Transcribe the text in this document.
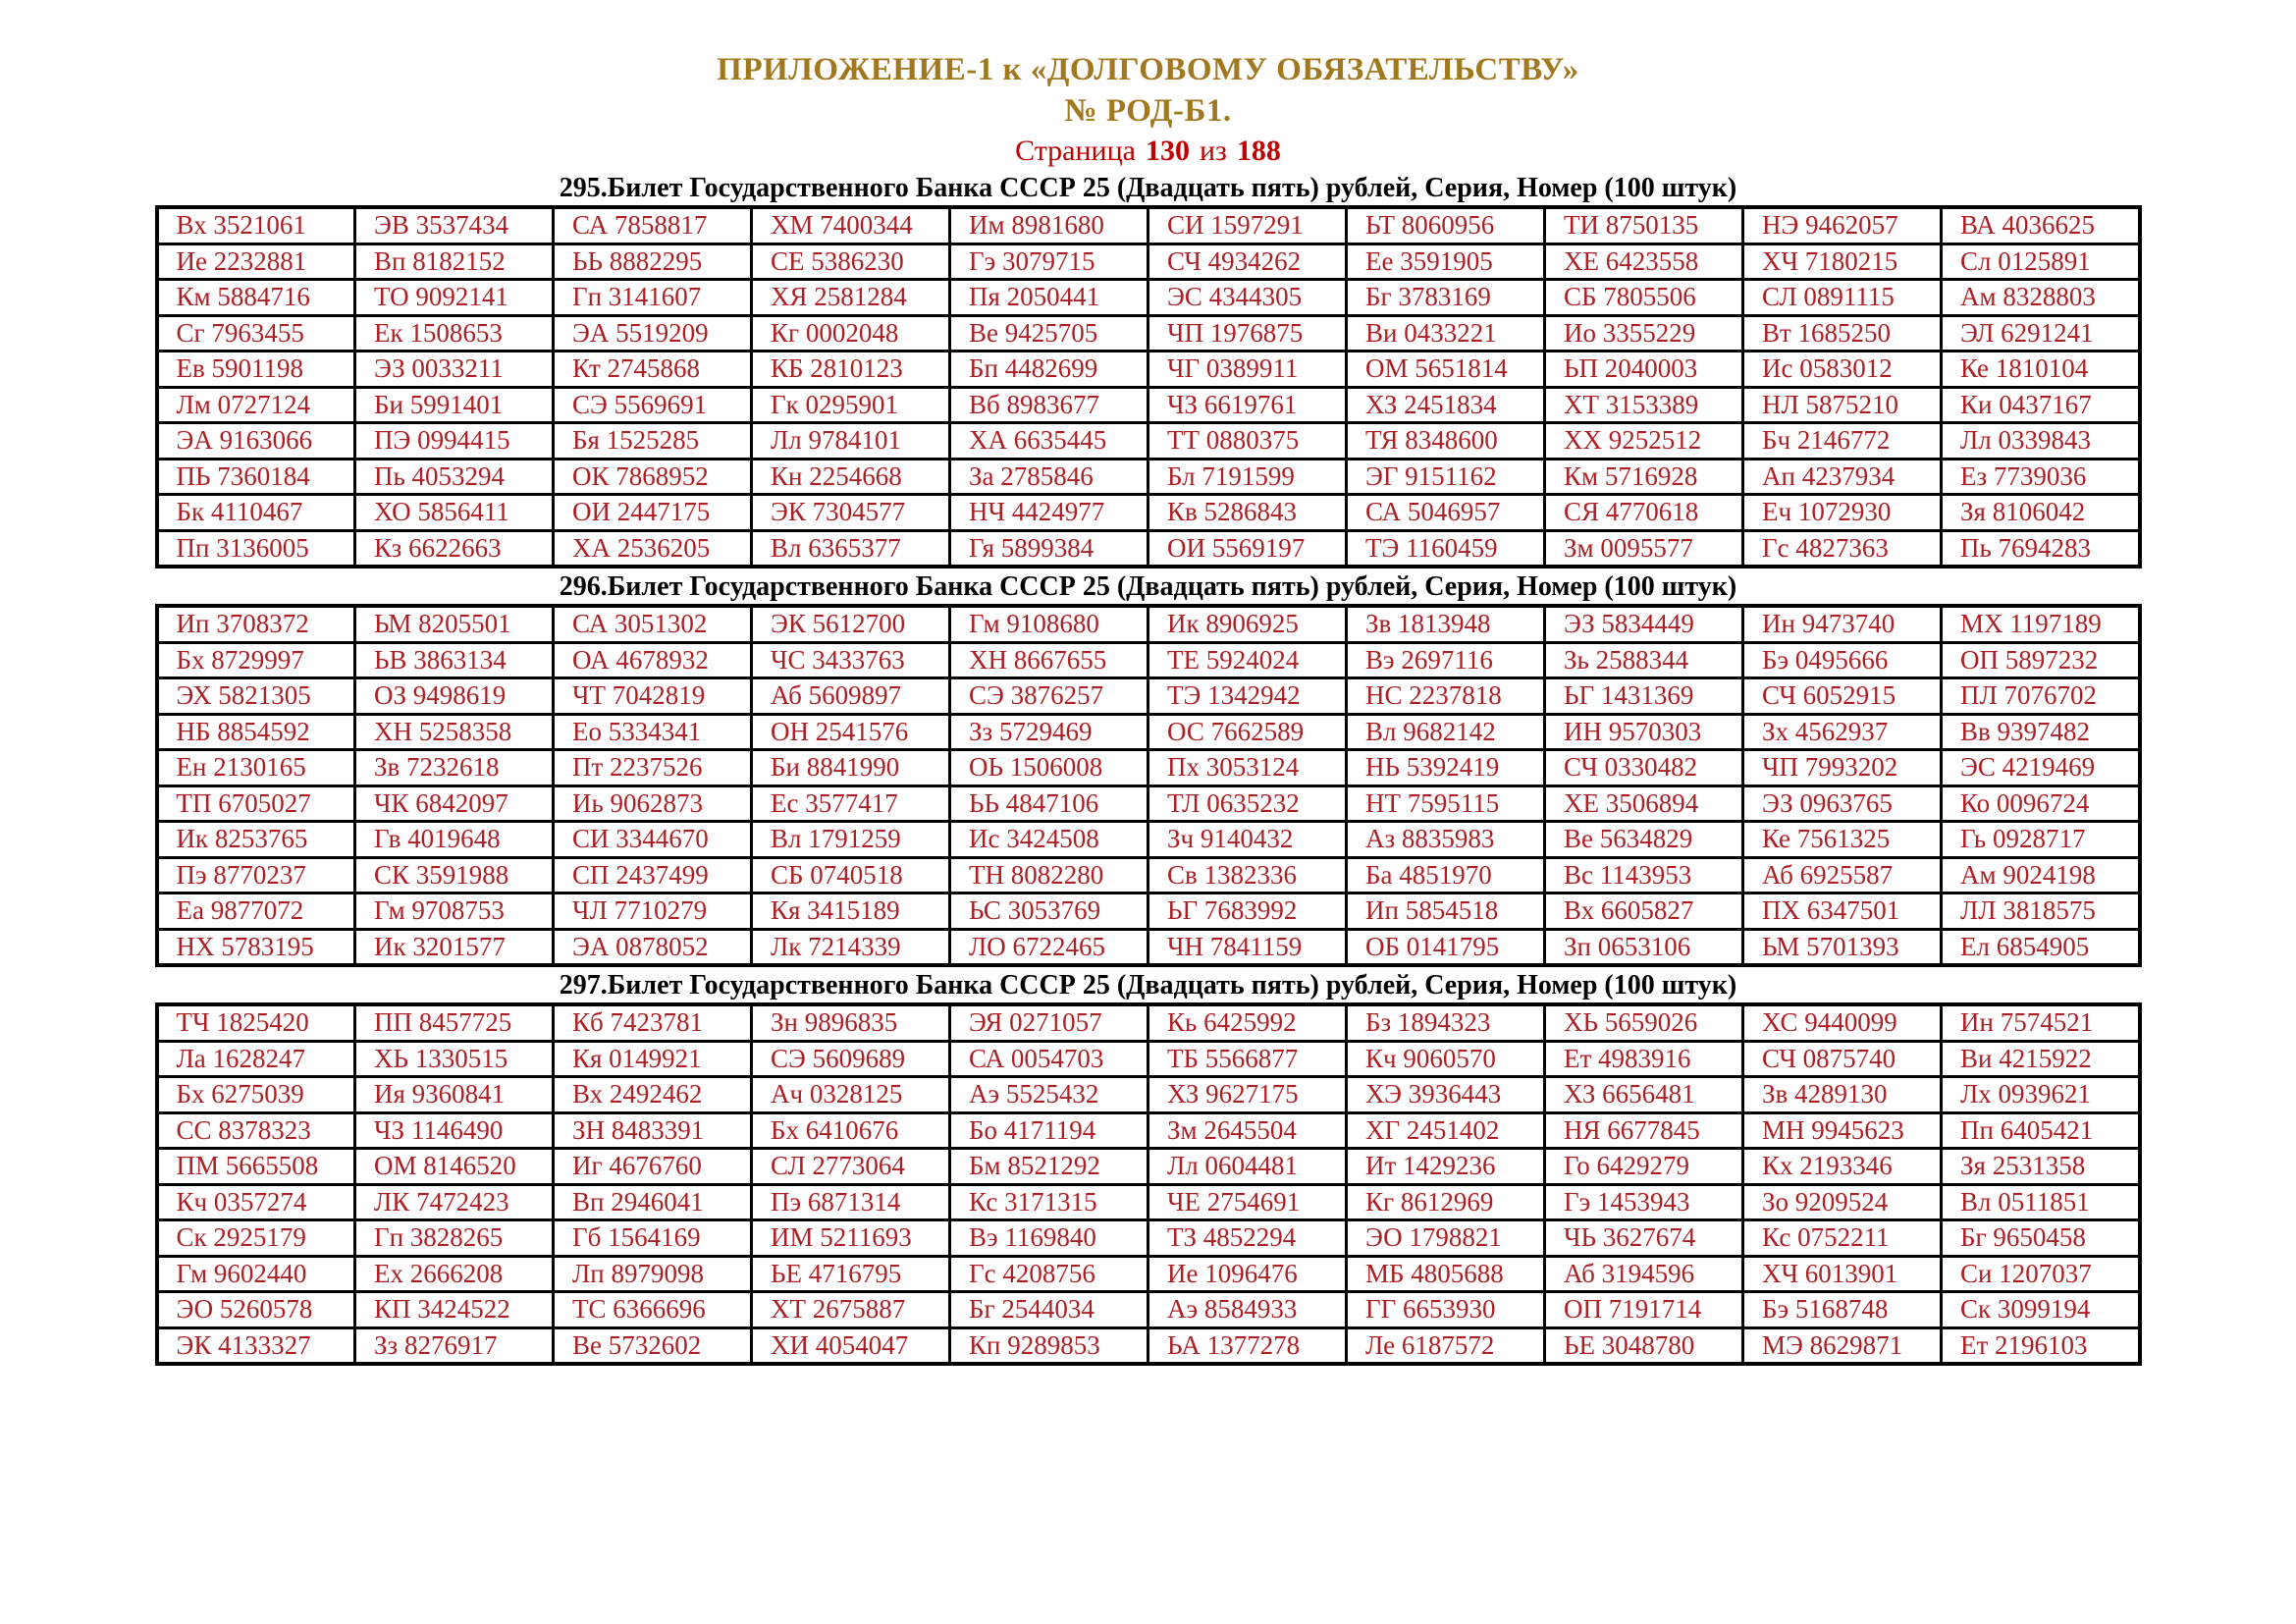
ПРИЛОЖЕНИЕ-1 к «ДОЛГОВОМУ ОБЯЗАТЕЛЬСТВУ»
№ РОД-Б1.
Страница 130 из 188
295.Билет Государственного Банка СССР 25 (Двадцать пять) рублей, Серия, Номер (100 штук)
Вх 3521061	ЭВ 3537434	СА 7858817	ХМ 7400344	Им 8981680	СИ 1597291	ЬТ 8060956	ТИ 8750135	НЭ 9462057	ВА 4036625
Ие 2232881	Вп 8182152	ЬЬ 8882295	СЕ 5386230	Гэ 3079715	СЧ 4934262	Ее 3591905	ХЕ 6423558	ХЧ 7180215	Сл 0125891
Км 5884716	ТО 9092141	Гп 3141607	ХЯ 2581284	Пя 2050441	ЭС 4344305	Бг 3783169	СБ 7805506	СЛ 0891115	Ам 8328803
Сг 7963455	Ек 1508653	ЭА 5519209	Кг 0002048	Ве 9425705	ЧП 1976875	Ви 0433221	Ио 3355229	Вт 1685250	ЭЛ 6291241
Ев 5901198	ЭЗ 0033211	Кт 2745868	КБ 2810123	Бп 4482699	ЧГ 0389911	ОМ 5651814	ЬП 2040003	Ис 0583012	Ке 1810104
Лм 0727124	Би 5991401	СЭ 5569691	Гк 0295901	Вб 8983677	ЧЗ 6619761	ХЗ 2451834	ХТ 3153389	НЛ 5875210	Ки 0437167
ЭА 9163066	ПЭ 0994415	Бя 1525285	Лл 9784101	ХА 6635445	ТТ 0880375	ТЯ 8348600	ХХ 9252512	Бч 2146772	Лл 0339843
ПЬ 7360184	Пь 4053294	ОК 7868952	Кн 2254668	За 2785846	Бл 7191599	ЭГ 9151162	Км 5716928	Ап 4237934	Ез 7739036
Бк 4110467	ХО 5856411	ОИ 2447175	ЭК 7304577	НЧ 4424977	Кв 5286843	СА 5046957	СЯ 4770618	Еч 1072930	Зя 8106042
Пп 3136005	Кз 6622663	ХА 2536205	Вл 6365377	Гя 5899384	ОИ 5569197	ТЭ 1160459	Зм 0095577	Гс 4827363	Пь 7694283
296.Билет Государственного Банка СССР 25 (Двадцать пять) рублей, Серия, Номер (100 штук)
Ип 3708372	ЬМ 8205501	СА 3051302	ЭК 5612700	Гм 9108680	Ик 8906925	Зв 1813948	ЭЗ 5834449	Ин 9473740	МХ 1197189
Бх 8729997	ЬВ 3863134	ОА 4678932	ЧС 3433763	ХН 8667655	ТЕ 5924024	Вэ 2697116	Зь 2588344	Бэ 0495666	ОП 5897232
ЭХ 5821305	ОЗ 9498619	ЧТ 7042819	Аб 5609897	СЭ 3876257	ТЭ 1342942	НС 2237818	ЬГ 1431369	СЧ 6052915	ПЛ 7076702
НБ 8854592	ХН 5258358	Ео 5334341	ОН 2541576	Зз 5729469	ОС 7662589	Вл 9682142	ИН 9570303	Зх 4562937	Вв 9397482
Ен 2130165	Зв 7232618	Пт 2237526	Би 8841990	ОЬ 1506008	Пх 3053124	НЬ 5392419	СЧ 0330482	ЧП 7993202	ЭС 4219469
ТП 6705027	ЧК 6842097	Иь 9062873	Ес 3577417	ЬЬ 4847106	ТЛ 0635232	НТ 7595115	ХЕ 3506894	ЭЗ 0963765	Ко 0096724
Ик 8253765	Гв 4019648	СИ 3344670	Вл 1791259	Ис 3424508	Зч 9140432	Аз 8835983	Ве 5634829	Ке 7561325	Гь 0928717
Пэ 8770237	СК 3591988	СП 2437499	СБ 0740518	ТН 8082280	Св 1382336	Ба 4851970	Вс 1143953	Аб 6925587	Ам 9024198
Еа 9877072	Гм 9708753	ЧЛ 7710279	Кя 3415189	ЬС 3053769	ЬГ 7683992	Ип 5854518	Вх 6605827	ПХ 6347501	ЛЛ 3818575
НХ 5783195	Ик 3201577	ЭА 0878052	Лк 7214339	ЛО 6722465	ЧН 7841159	ОБ 0141795	Зп 0653106	ЬМ 5701393	Ел 6854905
297.Билет Государственного Банка СССР 25 (Двадцать пять) рублей, Серия, Номер (100 штук)
ТЧ 1825420	ПП 8457725	Кб 7423781	Зн 9896835	ЭЯ 0271057	Кь 6425992	Бз 1894323	ХЬ 5659026	ХС 9440099	Ин 7574521
Ла 1628247	ХЬ 1330515	Кя 0149921	СЭ 5609689	СА 0054703	ТБ 5566877	Кч 9060570	Ет 4983916	СЧ 0875740	Ви 4215922
Бх 6275039	Ия 9360841	Вх 2492462	Ач 0328125	Аэ 5525432	ХЗ 9627175	ХЭ 3936443	ХЗ 6656481	Зв 4289130	Лх 0939621
СС 8378323	ЧЗ 1146490	ЗН 8483391	Бх 6410676	Бо 4171194	Зм 2645504	ХГ 2451402	НЯ 6677845	МН 9945623	Пп 6405421
ПМ 5665508	ОМ 8146520	Иг 4676760	СЛ 2773064	Бм 8521292	Лл 0604481	Ит 1429236	Го 6429279	Кх 2193346	Зя 2531358
Кч 0357274	ЛК 7472423	Вп 2946041	Пэ 6871314	Кс 3171315	ЧЕ 2754691	Кг 8612969	Гэ 1453943	Зо 9209524	Вл 0511851
Ск 2925179	Гп 3828265	Гб 1564169	ИМ 5211693	Вэ 1169840	ТЗ 4852294	ЭО 1798821	ЧЬ 3627674	Кс 0752211	Бг 9650458
Гм 9602440	Ех 2666208	Лп 8979098	ЬЕ 4716795	Гс 4208756	Ие 1096476	МБ 4805688	Аб 3194596	ХЧ 6013901	Си 1207037
ЭО 5260578	КП 3424522	ТС 6366696	ХТ 2675887	Бг 2544034	Аэ 8584933	ГГ 6653930	ОП 7191714	Бэ 5168748	Ск 3099194
ЭК 4133327	Зз 8276917	Ве 5732602	ХИ 4054047	Кп 9289853	ЬА 1377278	Ле 6187572	ЬЕ 3048780	МЭ 8629871	Ет 2196103
